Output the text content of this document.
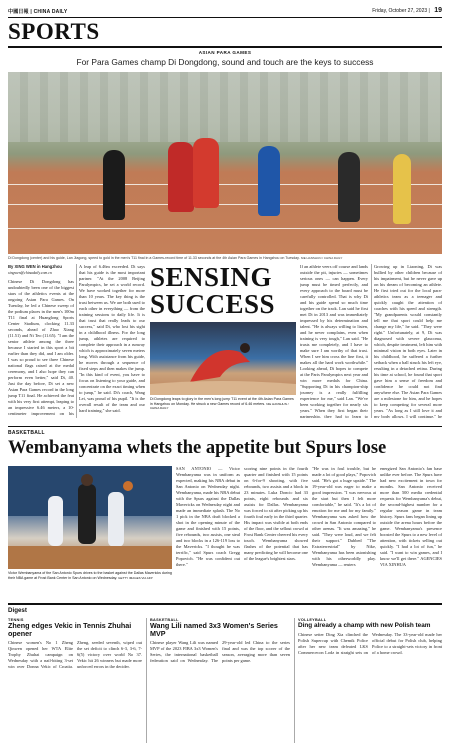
中國日報 | CHINA DAILY	Friday, October 27, 2023 | 19
SPORTS
ASIAN PARA GAMES
For Para Games champ Di Dongdong, sound and touch are the keys to success
Di Dongdong (center) and his guide, Lan Jiagong, speed to gold in the men's T11 final in a Games-record time of 11.33 seconds at the 4th Asian Para Games in Hangzhou on Tuesday. NIE HANSHUN / CHINA DAILY
By XING WEN in Hangzhou
xingwen@chinadaily.com.cn
Chinese Di Dongdong has undoubtedly been one of the biggest stars of the athletics events at the ongoing Asian Para Games. On Tuesday, he led a Chinese sweep of the podium places in the men's 100m T11 final at Huanglong Sports Center Stadium, clocking 11.33 seconds, ahead of Zhao Xiang (11.51) and Ni Teo (11.65). "I am the senior athlete among the three because I started in this sport a bit earlier than they did, and I am older. I was so proud to see three Chinese national flags raised at the medal ceremony, and I also hope they can perform even better," said Di, 40. Just the day before, Di set a new Asian Para Games record in the long jump T11 final. He achieved the feat with his very first attempt, leaping to an impressive 6.46 meters, a 10-centimeter improvement on his
A leap of 6.46m exceeded. Di says that his guide is the most important partner. "At the 2008 Beijing Paralympics, he set a world record. We have worked together for more than 10 years. The key thing is the trust between us. We are both used to each other in everything — from the training sessions to daily life. It is that trust that really leads to our success," said Di, who lost his sight in a childhood illness. For the long jump, athletes are required to complete their approach in a runway which is approximately seven meters long. With assistance from his guide, he moves through a sequence of fixed steps and then makes the jump. "In this kind of event, you have to focus on listening to your guide, and concentrate on the exact timing when to jump," he said. Di's coach, Wang Lei, was proud of his pupil. "It is the overall result of the team and our hard training," she said.
SENSING SUCCESS
Di Dongdong leaps to glory in the men's long jump T11 event at the 4th Asian Para Games in Hangzhou on Monday. He struck a new Games record of 6.46 meters. NIE HANSHUN / CHINA DAILY
If an athlete veers off course and lands outside the pit, injuries — sometimes serious ones — can happen. Every jump must be timed perfectly, and every approach to the board must be carefully controlled. That is why Di and his guide spend so much time together on the track. Lan said he first met Di in 2013 and was immediately impressed by his determination and talent. "He is always willing to listen, and he never complains, even when training is very tough," Lan said. "He trusts me completely, and I have to make sure I am worthy of that trust. When I see him cross the line first, it makes all the hard work worthwhile." Looking ahead, Di hopes to compete at the Paris Paralympics next year and win more medals for China. "Supporting Di in his champion-ship journey is a really fulfilling experience for me," said Lan. "We've been working together for nearly six years." When they first began their partnership, they had to learn to
Growing up in Liaoning, Di was bullied by other children because of his impairment, but he never gave up on his dream of becoming an athlete. He first tried out for the local para-athletics team as a teenager and quickly caught the attention of coaches with his speed and strength. "My grandparents would constantly tell me that sport could help me change my life," he said. "They were right." Unfortunately, at 9, Di was diagnosed with severe glaucoma, which, despite treatment, left him with minimal vision in both eyes. Later in his childhood, he suffered a further setback when a ball struck his left eye, resulting in a detached retina. During his time at school, he found that sport gave him a sense of freedom and confidence he could not find anywhere else. The Asian Para Games are a milestone for him, and he hopes to keep competing for several more years. "As long as I still love it and my body allows, I will continue," he
BASKETBALL
Wembanyama whets the appetite but Spurs lose
Victor Wembanyama of the San Antonio Spurs drives to the basket against the Dallas Mavericks during their NBA game at Frost Bank Center in San Antonio on Wednesday. GETTY IMAGES VIA AFP
SAN ANTONIO — Victor Wembanyama was in uniform as expected, making his NBA debut in San Antonio on Wednesday night. Wembanyama, made his NBA debut with the Spurs against the Dallas Mavericks on Wednesday night and made an immediate splash. The No 1 pick in the NBA draft blocked a shot in the opening minute of the game and finished with 15 points, five rebounds, two assists, one steal and two blocks in a 126-119 loss to the Mavericks. "I thought he was terrific," said Spurs coach Gregg Popovich. "He was confident out there."
scoring nine points in the fourth quarter and finished with 15 points on 6-for-9 shooting, with five rebounds, two assists and a block in 23 minutes. Luka Doncic had 33 points, eight rebounds and six assists for Dallas. Wembanyama was forced to sit after picking up his fourth foul early in the third quarter. His impact was visible at both ends of the floor, and the sellout crowd at Frost Bank Center cheered his every touch. Wembanyama showed flashes of the potential that has many predicting he will become one of the league's brightest stars.
"He was in foul trouble, but he made a lot of good plays," Popovich said. "He's got a huge upside." The 19-year-old was eager to make a good impression. "I was nervous at the start but then I felt more comfortable," he said. "It's a lot of emotion for me and for my family." Wembanyama was asked how the crowd in San Antonio compared to other arenas. "It was amazing," he said. "They were loud, and we felt their support." Dubbed "The Extraterrestrial" by Nike, Wembanyama has been astonishing with his otherworldly play. Wembanyama — reuters
energized San Antonio's fan base unlike ever before. The Spurs have had new excitement in town for months. San Antonio received more than 500 media credential requests for Wembanyama's debut, the second-highest number for a regular season game in team history. Spurs fans began lining up outside the arena hours before the game. Wembanyama's presence boosted the Spurs to a new level of attention, with tickets selling out quickly. "I had a lot of fun," he said. "I want to win games, and I know we'll get there." AGENCIES VIA XINHUA
Digest
TENNIS
Zheng edges Vekic in Tennis Zhuhai opener
Chinese women's No 1 Zheng Qinwen opened her WTA Elite Trophy Zhuhai campaign on Wednesday with a nail-biting 3-set win over Donna Vekic of Croatia. Zheng, seeded seventh, wiped out the set deficit to clinch 6-3, 3-6, 7-6(5) victory over world No 37. Vekic hit 26 winners but made more unforced errors in the decider.
BASKETBALL
Wang Lili named 3x3 Women's Series MVP
Chinese player Wang Lili was named MVP of the 2023 FIBA 3x3 Women's Series, the international basketball federation said on Wednesday. The 29-year-old led China to the series final and was the top scorer of the season, averaging more than seven points per game.
VOLLEYBALL
Ding already a champ with new Polish team
Chinese setter Ding Xia clinched the Polish Supercup with Chemik Police after her new team defeated LKS Commercecon Lodz in straight sets on Wednesday. The 33-year-old made her official debut for Polish club, helping Police to a straight-sets victory in front of a home crowd.
